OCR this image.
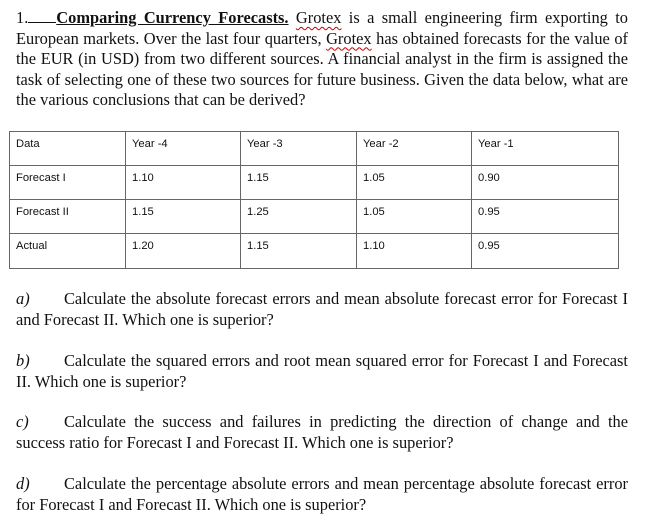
1. Comparing Currency Forecasts. Grotex is a small engineering firm exporting to European markets. Over the last four quarters, Grotex has obtained forecasts for the value of the EUR (in USD) from two different sources. A financial analyst in the firm is assigned the task of selecting one of these two sources for future business. Given the data below, what are the various conclusions that can be derived?
Data	Year -4	Year -3	Year -2	Year -1
Forecast I	1.10	1.15	1.05	0.90
Forecast II	1.15	1.25	1.05	0.95
Actual	1.20	1.15	1.10	0.95
a) Calculate the absolute forecast errors and mean absolute forecast error for Forecast I and Forecast II. Which one is superior?
b) Calculate the squared errors and root mean squared error for Forecast I and Forecast II. Which one is superior?
c) Calculate the success and failures in predicting the direction of change and the success ratio for Forecast I and Forecast II. Which one is superior?
d) Calculate the percentage absolute errors and mean percentage absolute forecast error for Forecast I and Forecast II. Which one is superior?
